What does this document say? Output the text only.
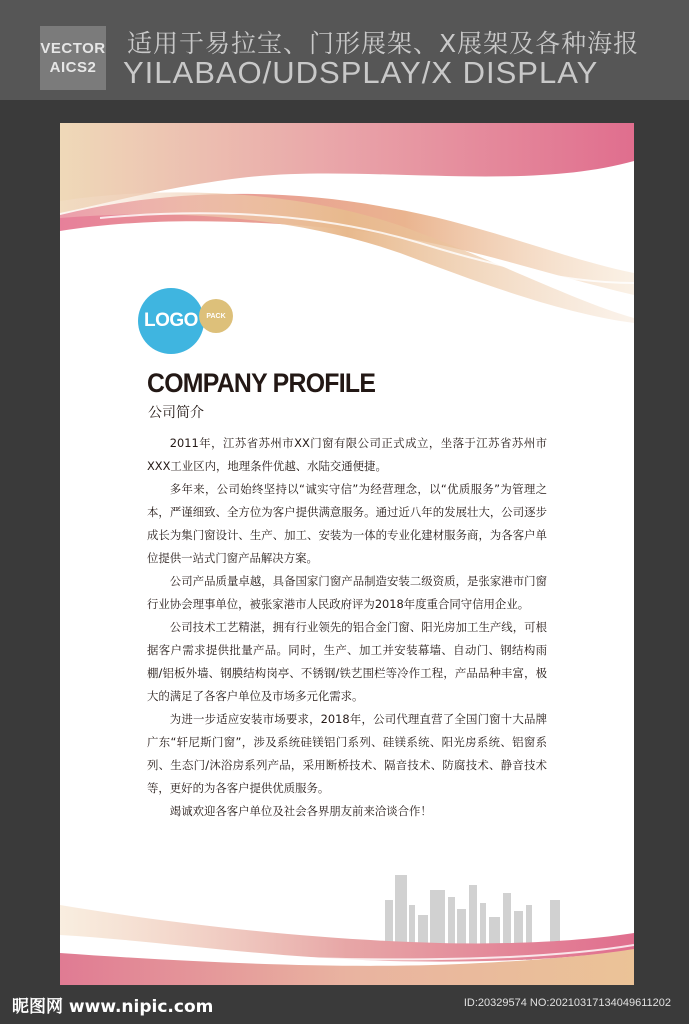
VECTOR
AICS2
适用于易拉宝、门形展架、X展架及各种海报
YILABAO/UDSPLAY/X DISPLAY
LOGO PACK
COMPANY PROFILE
公司简介

2011年，江苏省苏州市XX门窗有限公司正式成立，坐落于江苏省苏州市XXX工业区内，地理条件优越、水陆交通便捷。

多年来，公司始终坚持以“诚实守信”为经营理念，以“优质服务”为管理之本，严谨细致、全方位为客户提供满意服务。通过近八年的发展壮大，公司逐步成长为集门窗设计、生产、加工、安装为一体的专业化建材服务商，为各客户单位提供一站式门窗产品解决方案。

公司产品质量卓越，具备国家门窗产品制造安装二级资质，是张家港市门窗行业协会理事单位，被张家港市人民政府评为2018年度重合同守信用企业。

公司技术工艺精湛，拥有行业领先的铝合金门窗、阳光房加工生产线，可根据客户需求提供批量产品。同时，生产、加工并安装幕墙、自动门、钢结构雨棚/铝板外墙、钢膜结构岗亭、不锈钢/铁艺围栏等冷作工程，产品品种丰富，极大的满足了各客户单位及市场多元化需求。

为进一步适应安装市场要求，2018年，公司代理直营了全国门窗十大品牌广东“轩尼斯门窗”，涉及系统硅镁铝门系列、硅镁系统、阳光房系统、铝窗系列、生态门/沐浴房系列产品，采用断桥技术、隔音技术、防腐技术、静音技术等，更好的为各客户提供优质服务。

竭诚欢迎各客户单位及社会各界朋友前来洽谈合作！

昵图网 www.nipic.com	ID:20329574 NO:20210317134049611202
